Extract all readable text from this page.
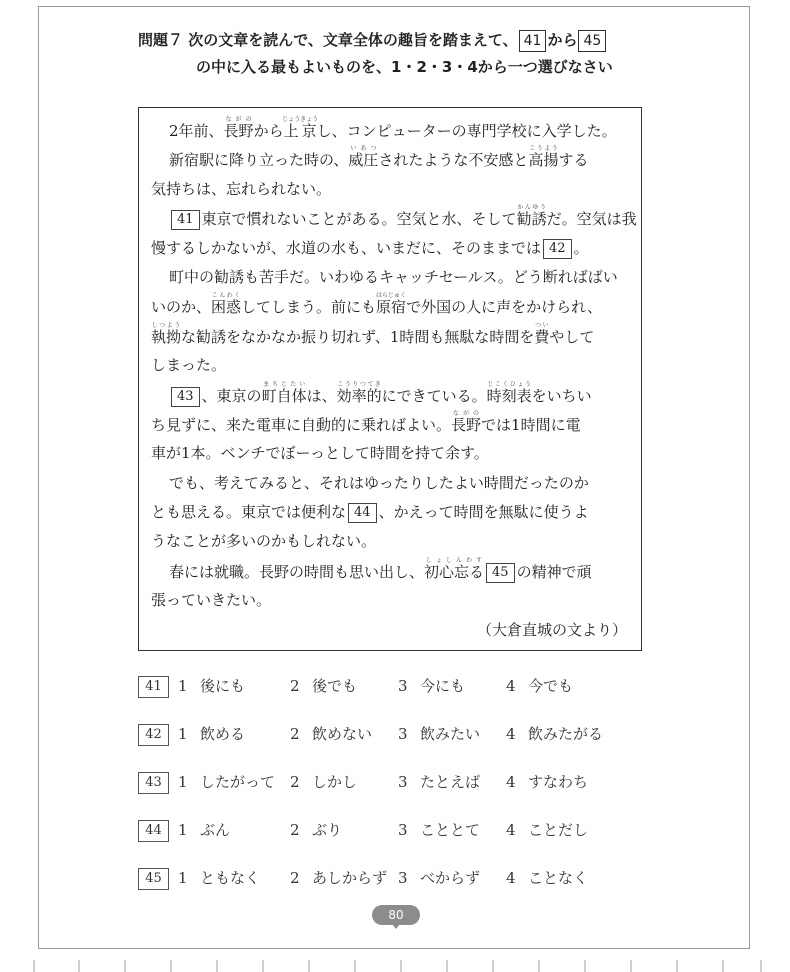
問題７ 次の文章を読んで、文章全体の趣旨を踏まえて、 41 から 45
の中に入る最もよいものを、1・2・3・4から一つ選びなさい
2年前、長野ながのから上じょう京きょうし、コンピューターの専門学校に入学した。
新宿駅に降り立った時の、威圧いあつされたような不安感と高揚こうようする
気持ちは、忘れられない。
41 東京で慣れないことがある。空気と水、そして勧誘かんゆうだ。空気は我
慢するしかないが、水道の水も、いまだに、そのままでは 42 。
町中の勧誘も苦手だ。いわゆるキャッチセールス。どう断ればばい
いのか、困惑こんわくしてしまう。前にも原宿はらじゅくで外国の人に声をかけられ、
執拗しつような勧誘をなかなか振り切れず、1時間も無駄な時間を費ついやして
しまった。
43 、東京の町自体まちじたいは、効率的こうりつてきにできている。時刻表じこくひょうをいちい
ち見ずに、来た電車に自動的に乗ればよい。長野ながのでは1時間に電
車が1本。ベンチでぼーっとして時間を持て余す。
でも、考えてみると、それはゆったりしたよい時間だったのか
とも思える。東京では便利な 44 、かえって時間を無駄に使うよ
うなことが多いのかもしれない。
春には就職。長野の時間も思い出し、初心忘るしょしんわす45 の精神で頑
張っていきたい。
（大倉直城の文より）
41	1 後にも	2 後でも	3 今にも	4 今でも
42	1 飲める	2 飲めない 3 飲みたい 4 飲みたがる
43	1 したがって 2 しかし	3 たとえば 4 すなわち
44	1 ぶん	2 ぶり	3 こととて 4 ことだし
45	1 ともなく 2 あしからず 3 べからず 4 ことなく
80
